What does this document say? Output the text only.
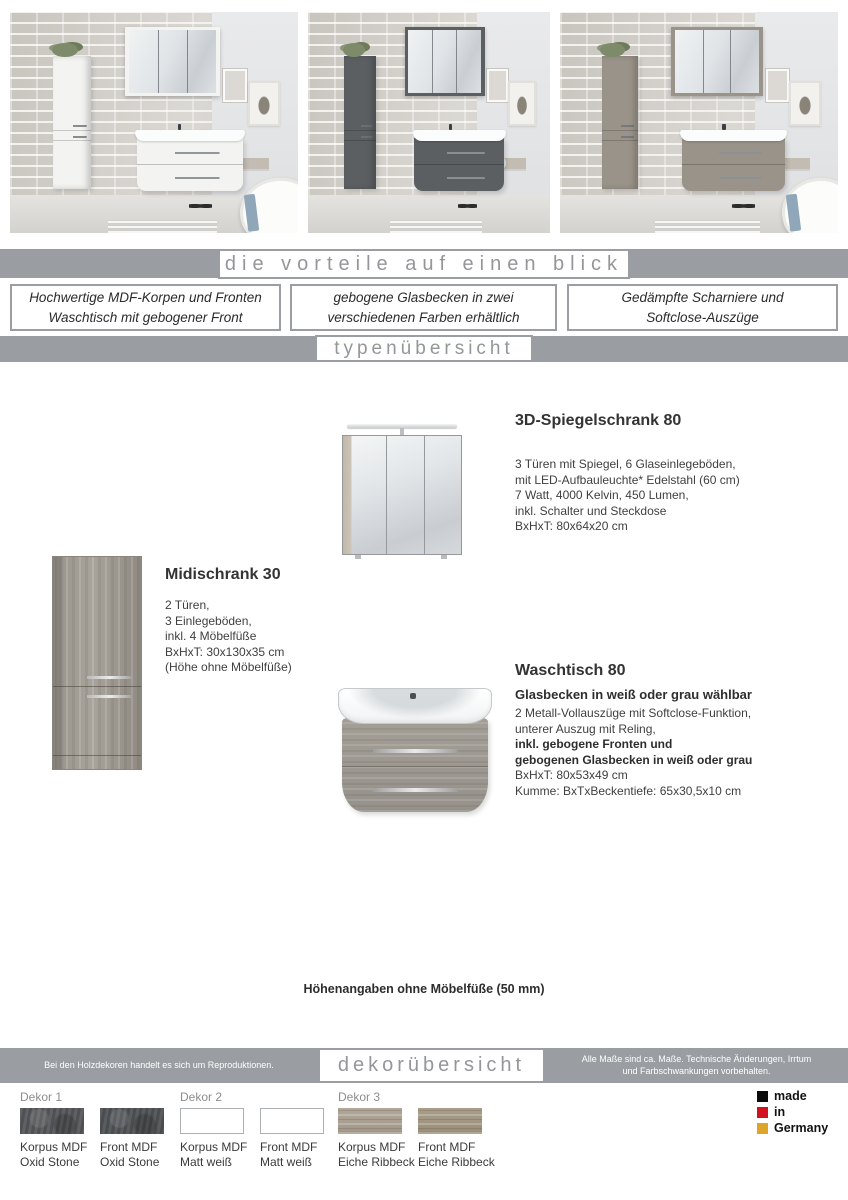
die vorteile auf einen blick
Hochwertige MDF-Korpen und Fronten
Waschtisch mit gebogener Front
gebogene Glasbecken in zwei
verschiedenen Farben erhältlich
Gedämpfte Scharniere und
Softclose-Auszüge
typenübersicht
3D-Spiegelschrank 80
3 Türen mit Spiegel, 6 Glaseinlegeböden,
mit LED-Aufbauleuchte* Edelstahl (60 cm)
7 Watt, 4000 Kelvin, 450 Lumen,
inkl. Schalter und Steckdose
BxHxT: 80x64x20 cm
Midischrank 30
2 Türen,
3 Einlegeböden,
inkl. 4 Möbelfüße
BxHxT: 30x130x35 cm
(Höhe ohne Möbelfüße)	Waschtisch 80
Glasbecken in weiß oder grau wählbar
2 Metall-Vollauszüge mit Softclose-Funktion,
unterer Auszug mit Reling,
inkl. gebogene Fronten und
gebogenen Glasbecken in weiß oder grau
BxHxT: 80x53x49 cm
Kumme: BxTxBeckentiefe: 65x30,5x10 cm
Höhenangaben ohne Möbelfüße (50 mm)
Bei den Holzdekoren handelt es sich um Reproduktionen.
Alle Maße sind ca. Maße. Technische Änderungen, Irrtum
und Farbschwankungen vorbehalten.
dekorübersicht
Dekor 1	Dekor 2	Dekor 3
Korpus MDF
Oxid Stone
Front MDF
Oxid Stone
Korpus MDF
Matt weiß
Front MDF
Matt weiß
Korpus MDF
Eiche Ribbeck
Front MDF
Eiche Ribbeck
made
in
Germany
